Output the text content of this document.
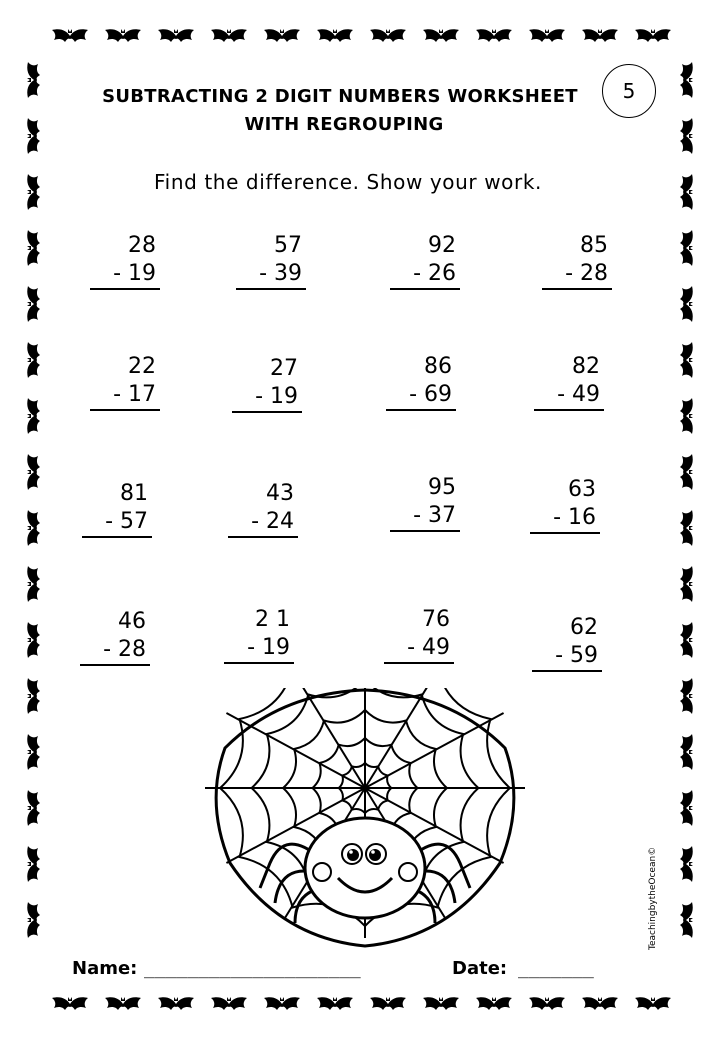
SUBTRACTING 2 DIGIT NUMBERS WORKSHEET
WITH REGROUPING
5
Find the difference. Show your work.
28
- 19
57
- 39
92
- 26
85
- 28
22
- 17
27
- 19
86
- 69
82
- 49
81
- 57
43
- 24
95
- 37
63
- 16
46
- 28
2 1
- 19
76
- 49
62
- 59
Name: ____________________	Date: _______
TeachingbytheOcean©
